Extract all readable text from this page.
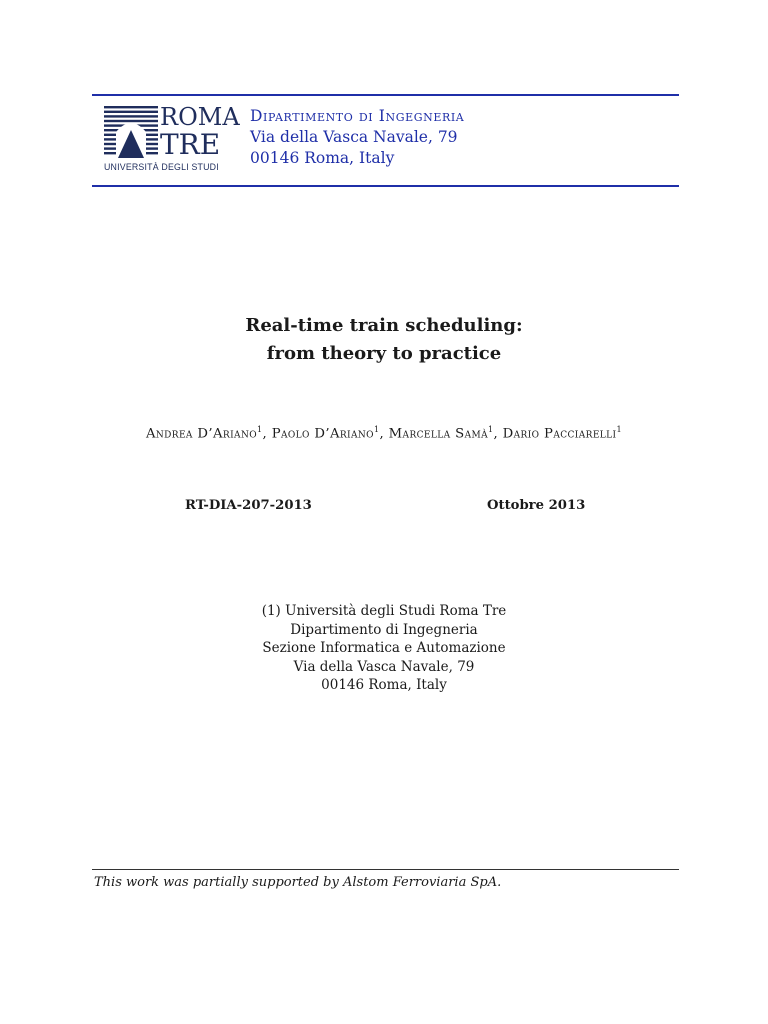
ROMA
TRE
UNIVERSITÀ DEGLI STUDI
Dipartimento di Ingegneria
Via della Vasca Navale, 79
00146 Roma, Italy
Real-time train scheduling:
from theory to practice
Andrea D’Ariano$^1$, Paolo D’Ariano$^1$, Marcella Samà$^1$, Dario Pacciarelli$^1$
RT-DIA-207-2013	Ottobre 2013
(1) Università degli Studi Roma Tre
Dipartimento di Ingegneria
Sezione Informatica e Automazione
Via della Vasca Navale, 79
00146 Roma, Italy
This work was partially supported by Alstom Ferroviaria SpA.
